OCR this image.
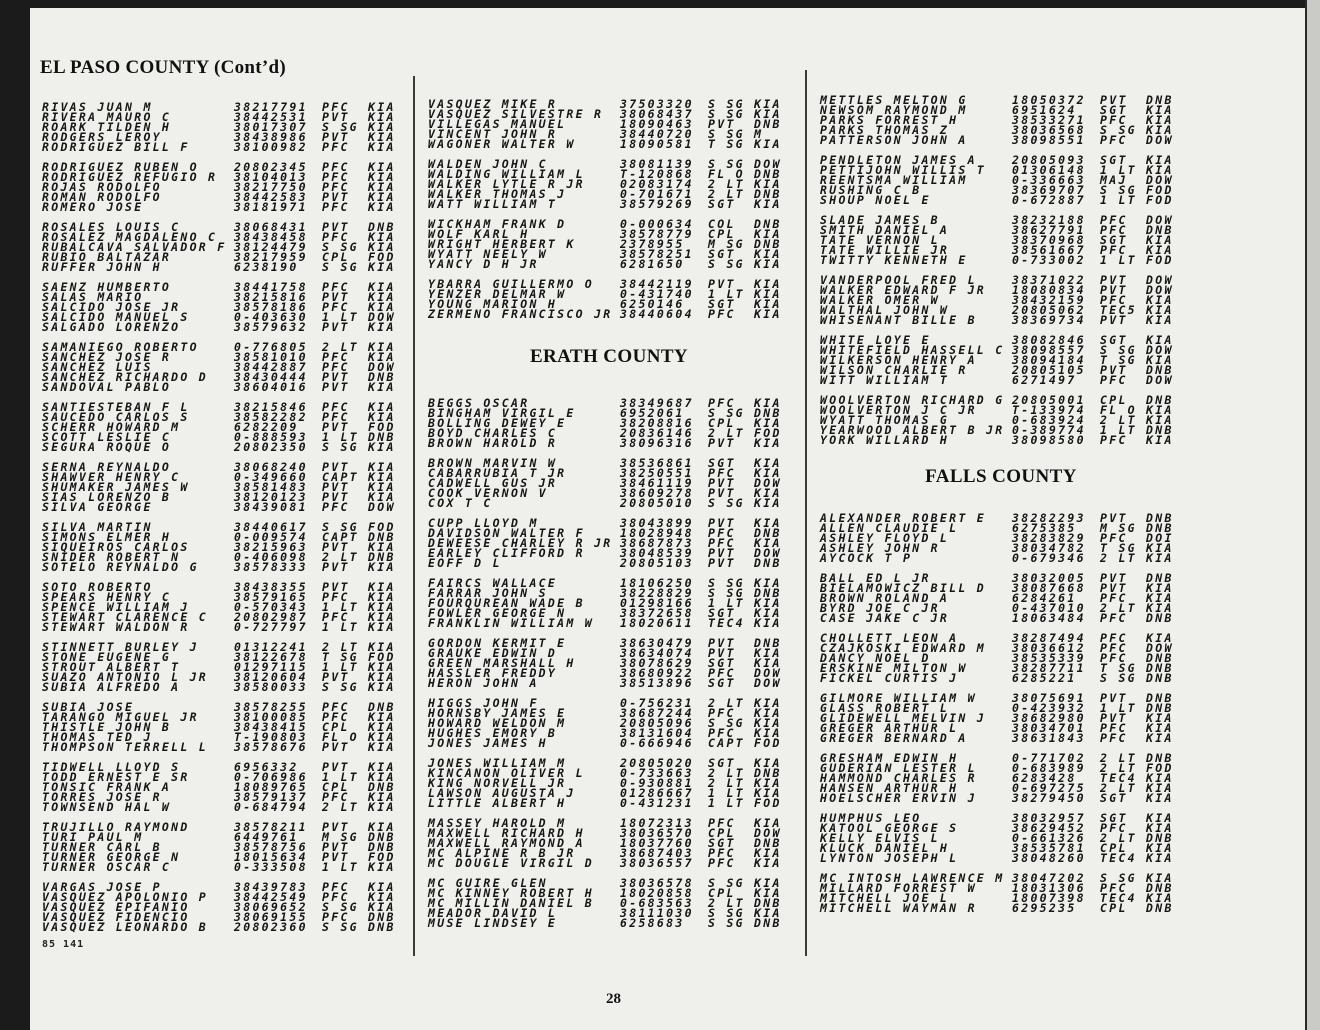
EL PASO COUNTY (Cont’d)
RIVAS JUAN M	38217791 PFC KIA
RIVERA MAURO C	38442531 PVT KIA
ROARK TILDEN H	38017307 S SG KIA
RODGERS LEROY	38438986 PVT KIA
RODRIGUEZ BILL F	38100982 PFC KIA
RODRIGUEZ RUBEN O	20802345 PFC KIA
RODRIGUEZ REFUGIO R 38104013 PFC KIA
ROJAS RODOLFO	38217750 PFC KIA
ROMAN RODOLFO	38442583 PVT KIA
ROMERO JOSE	38181971 PFC KIA
ROSALES LOUIS C	38068431 PVT DNB
ROSALEZ MAGDALENO C 38438458 PFC KIA
RUBALCAVA SALVADOR F 38124479 S SG KIA
RUBIO BALTAZAR	38217959 CPL FOD
RUFFER JOHN H	6238190 S SG KIA
SAENZ HUMBERTO	38441758 PFC KIA
SALAS MARIO	38215816 PVT KIA
SALCIDO JOSE JR	38578186 PFC KIA
SALCIDO MANUEL S	0-403630 1 LT DOW
SALGADO LORENZO	38579632 PVT KIA
SAMANIEGO ROBERTO	0-776805 2 LT KIA
SANCHEZ JOSE R	38581010 PFC KIA
SANCHEZ LUIS	38442887 PFC DOW
SANCHEZ RICHARDO D 38430444 PVT DNB
SANDOVAL PABLO	38604016 PVT KIA
SANTIESTEBAN F L	38215846 PFC KIA
SAUCEDO CARLOS S	38582282 PFC KIA
SCHERR HOWARD M	6282209 PVT FOD
SCOTT LESLIE C	0-888593 1 LT DNB
SEGURA ROQUE O	20802350 S SG KIA
SERNA REYNALDO	38068240 PVT KIA
SHAWVER HENRY C	0-349660 CAPT KIA
SHUMAKER JAMES W	38581483 PVT KIA
SIAS LORENZO B	38120123 PVT KIA
SILVA GEORGE	38439081 PFC DOW
SILVA MARTIN	38440617 S SG FOD
SIMONS ELMER H	0-009574 CAPT DNB
SIQUEIROS CARLOS	38215963 PVT KIA
SNIDER ROBERT N	0-406098 2 LT DNB
SOTELO REYNALDO G	38578333 PVT KIA
SOTO ROBERTO	38438355 PVT KIA
SPEARS HENRY C	38579165 PFC KIA
SPENCE WILLIAM J	0-570343 1 LT KIA
STEWART CLARENCE C 20802987 PFC KIA
STEWART WALDON R	0-727797 1 LT KIA
STINNETT BURLEY J	01312241 2 LT KIA
STONE EUGENE G	38122678 T SG FOD
STROUT ALBERT T	01297115 1 LT KIA
SUAZO ANTONIO L JR 38120604 PVT KIA
SUBIA ALFREDO A	38580033 S SG KIA
SUBIA JOSE	38578255 PFC DNB
TARANGO MIGUEL JR	38100085 PFC KIA
THISTLE JOHN B	38438415 CPL KIA
THOMAS TED J	T-190803 FL O KIA
THOMPSON TERRELL L 38578676 PVT KIA
TIDWELL LLOYD S	6956332 PVT KIA
TODD ERNEST E SR	0-706986 1 LT KIA
TONSIC FRANK A	18089765 CPL DNB
TORRES JOSE R	38579137 PFC KIA
TOWNSEND HAL W	0-684794 2 LT KIA
TRUJILLO RAYMOND	38578211 PVT KIA
TURI PAUL M	6449761 M SG DNB
TURNER CARL B	38578756 PVT DNB
TURNER GEORGE N	18015634 PVT FOD
TURNER OSCAR C	0-333508 1 LT KIA
VARGAS JOSE P	38439783 PFC KIA
VASQUEZ APOLONIO P 38442549 PFC KIA
VASQUEZ EPIFANIO	38069652 S SG KIA
VASQUEZ FIDENCIO	38069155 PFC DNB
VASQUEZ LEONARDO B 20802360 S SG DNB
VASQUEZ MIKE R	37503320 S SG KIA
VASQUEZ SILVESTRE R 38068437 S SG KIA
VILLEGAS MANUEL	18090463 PVT DNB
VINCENT JOHN R	38440720 S SG M
WAGONER WALTER W	18090581 T SG KIA
WALDEN JOHN C	38081139 S SG DOW
WALDING WILLIAM L	T-120868 FL O DNB
WALKER LYTLE R JR	02083174 2 LT KIA
WALKER THOMAS J	0-701671 2 LT DNB
WATT WILLIAM T	38579269 SGT KIA
WICKHAM FRANK D	0-000634 COL DNB
WOLF KARL H	38578779 CPL KIA
WRIGHT HERBERT K	2378955 M SG DNB
WYATT NEELY W	38578251 SGT KIA
YANCY D H JR	6281650 S SG KIA
YBARRA GUILLERMO O 38442119 PVT KIA
YENZER DELMAR W	0-431740 1 LT KIA
YOUNG MARION H	6250146 SGT KIA
ZERMENO FRANCISCO JR 38440604 PFC KIA
ERATH COUNTY
BEGGS OSCAR	38349687 PFC KIA
BINGHAM VIRGIL E	6952061 S SG DNB
BOLLING DEWEY E	38208816 CPL KIA
BOYD CHARLES C	20836146 2 LT FOD
BROWN HAROLD R	38096316 PVT KIA
BROWN MARVIN W	38536861 SGT KIA
CABARRUBIA T JR	38250551 PFC KIA
CADWELL GUS JR	38461119 PVT DOW
COOK VERNON V	38609278 PVT KIA
COX T C	20805010 S SG KIA
CUPP LLOYD M	38043899 PVT KIA
DAVIDSON WALTER F	18028948 PFC DNB
DEWEESE CHARLEY R JR 38687873 PFC KIA
EARLEY CLIFFORD R	38048539 PVT DOW
EOFF D L	20805103 PVT DNB
FAIRCS WALLACE	18106250 S SG KIA
FARRAR JOHN S	38228829 S SG DNB
FOURQUREAN WADE B	01298166 1 LT KIA
FOWLER GEORGE N	38372658 SGT KIA
FRANKLIN WILLIAM W 18020611 TEC4 KIA
GORDON KERMIT E	38630479 PVT DNB
GRAUKE EDWIN D	38634074 PVT KIA
GREEN MARSHALL H	38078629 SGT KIA
HASSLER FREDDY	38680922 PFC DOW
HERON JOHN A	38513896 SGT DOW
HIGGS JOHN F	0-756231 2 LT KIA
HORNSBY JAMES E	38687244 PFC KIA
HOWARD WELDON M	20805096 S SG KIA
HUGHES EMORY B	38131604 PFC KIA
JONES JAMES H	0-666946 CAPT FOD
JONES WILLIAM M	20805020 SGT KIA
KINCANON OLIVER L	0-733663 2 LT DNB
KING NORVELL JR	0-930881 2 LT KIA
LAWSON AUGUSTA J	01286667 1 LT KIA
LITTLE ALBERT H	0-431231 1 LT FOD
MASSEY HAROLD M	18072313 PFC KIA
MAXWELL RICHARD H	38036570 CPL DOW
MAXWELL RAYMOND A	18037760 SGT DNB
MC ALPINE R B JR	38687403 PFC KIA
MC DOUGLE VIRGIL D 38036557 PFC KIA
MC GUIRE GLEN	38036578 S SG KIA
MC KINNEY ROBERT H 18020858 CPL KIA
MC MILLIN DANIEL B 0-683563 2 LT DNB
MEADOR DAVID L	38111030 S SG KIA
MUSE LINDSEY E	6258683 S SG DNB
METTLES MELTON G	18050372 PVT DNB
NEWSOM RAYMOND M	6951624 SGT KIA
PARKS FORREST H	38533271 PFC KIA
PARKS THOMAS Z	38036568 S SG KIA
PATTERSON JOHN A	38098551 PFC DOW
PENDLETON JAMES A	20805093 SGT KIA
PETTIJOHN WILLIS T 01306148 1 LT KIA
REENTSMA WILLIAM	0-336663 MAJ DOW
RUSHING C B	38369707 S SG FOD
SHOUP NOEL E	0-672887 1 LT FOD
SLADE JAMES B	38232188 PFC DOW
SMITH DANIEL A	38627791 PFC DNB
TATE VERNON L	38370968 SGT KIA
TATE WILLIE JR	38561667 PFC KIA
TWITTY KENNETH E	0-733002 1 LT FOD
VANDERPOOL FRED L	38371022 PVT DOW
WALKER EDWARD F JR 18080834 PVT DOW
WALKER OMER W	38432159 PFC KIA
WALTHAL JOHN W	20805062 TEC5 KIA
WHISENANT BILLE B	38369734 PVT KIA
WHITE LOYE E	38082846 SGT KIA
WHITEFIELD HASSELL C 38098557 S SG DOW
WILKERSON HENRY A	38094184 T SG KIA
WILSON CHARLIE R	20805105 PVT DNB
WITT WILLIAM T	6271497 PFC DOW
WOOLVERTON RICHARD G 20805001 CPL DNB
WOOLVERTON J C JR	T-133974 FL O KIA
WYATT THOMAS G	0-683924 2 LT KIA
YEARWOOD ALBERT B JR 0-389774 1 LT DNB
YORK WILLARD H	38098580 PFC KIA
FALLS COUNTY
ALEXANDER ROBERT E 38282293 PVT DNB
ALLEN CLAUDIE L	6275385 M SG DNB
ASHLEY FLOYD L	38283829 PFC DOI
ASHLEY JOHN R	38034782 T SG KIA
AYCOCK T P	0-679346 2 LT KIA
BALL ED L JR	38032005 PVT DNB
BIELAMOWICZ BILL D 38087668 PVT KIA
BROWN ROLAND A	6284261 PFC KIA
BYRD JOE C JR	0-437010 2 LT KIA
CASE JAKE C JR	18063484 PFC DNB
CHOLLETT LEON A	38287494 PFC KIA
CZAJKOSKI EDWARD M 38036612 PFC DOW
DANCY NOEL D	38535339 PFC DNB
ERSKINE MILTON W	38287711 T SG DNB
FICKEL CURTIS J	6285221 S SG DNB
GILMORE WILLIAM W	38075691 PVT DNB
GLASS ROBERT L	0-423932 1 LT DNB
GLIDEWELL MELVIN J 38682980 PVT KIA
GREGER ARTHUR L	38034701 PFC KIA
GREGER BERNARD A	38631843 PFC KIA
GRESHAM EDWIN H	0-771702 2 LT DNB
GUDERIAN LESTER L	0-683989 2 LT FOD
HAMMOND CHARLES R	6283428 TEC4 KIA
HANSEN ARTHUR H	0-697275 2 LT KIA
HOELSCHER ERVIN J	38279450 SGT KIA
HUMPHUS LEO	38032957 SGT KIA
KATOOL GEORGE S	38629452 PFC KIA
KELLY ELVIS L	0-661326 2 LT DNB
KLUCK DANIEL H	38535781 CPL KIA
LYNTON JOSEPH L	38048260 TEC4 KIA
MC INTOSH LAWRENCE M 38047202 S SG KIA
MILLARD FORREST W	18031306 PFC DNB
MITCHELL JOE L	18007398 TEC4 KIA
MITCHELL WAYMAN R	6295235 CPL DNB
85 141
28
